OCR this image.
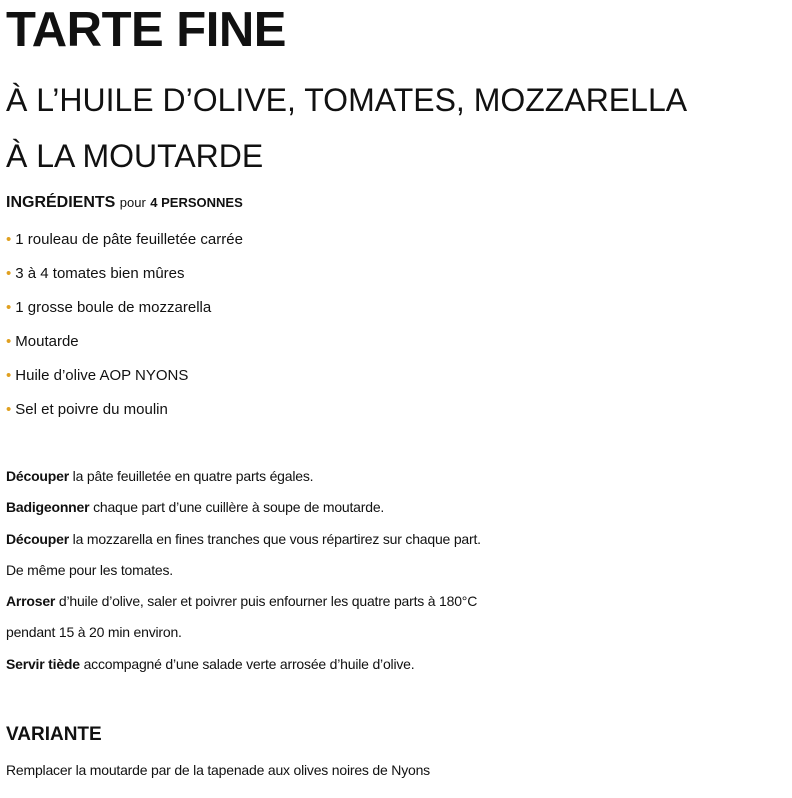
TARTE FINE
À L’HUILE D’OLIVE, TOMATES, MOZZARELLA
À LA MOUTARDE
INGRÉDIENTS pour 4 PERSONNES
• 1 rouleau de pâte feuilletée carrée
• 3 à 4 tomates bien mûres
• 1 grosse boule de mozzarella
• Moutarde
• Huile d’olive AOP NYONS
• Sel et poivre du moulin
Découper la pâte feuilletée en quatre parts égales.
Badigeonner chaque part d’une cuillère à soupe de moutarde.
Découper la mozzarella en fines tranches que vous répartirez sur chaque part.
De même pour les tomates.
Arroser d’huile d’olive, saler et poivrer puis enfourner les quatre parts à 180°C
pendant 15 à 20 min environ.
Servir tiède accompagné d’une salade verte arrosée d’huile d’olive.
VARIANTE
Remplacer la moutarde par de la tapenade aux olives noires de Nyons
